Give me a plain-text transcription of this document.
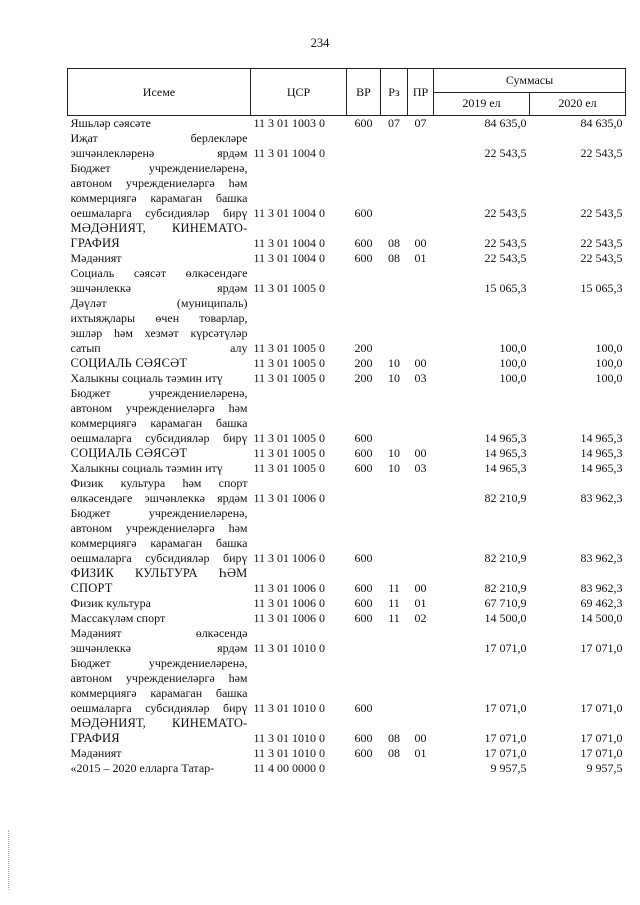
234
Исеме	ЦСР	ВР	Рз	ПР	Суммасы	
					2019 ел	2020 ел

Яшьләр сәясәте	11 3 01 1003 0	600	07	07	84 635,0	84 635,0

Иҗат берлекләре
эшчәнлекләренә ярдәм	11 3 01 1004 0				22 543,5	22 543,5

Бюджет учреждениеләренә,
автоном учреждениеләргә һәм
коммерциягә карамаган башка
оешмаларга субсидияләр бирү	11 3 01 1004 0	600			22 543,5	22 543,5

МӘДӘНИЯТ, КИНЕМАТО-
ГРАФИЯ	11 3 01 1004 0	600	08	00	22 543,5	22 543,5

Мәдәният	11 3 01 1004 0	600	08	01	22 543,5	22 543,5

Социаль сәясәт өлкәсендәге
эшчәнлеккә ярдәм	11 3 01 1005 0				15 065,3	15 065,3

Дәүләт (муниципаль)
ихтыяҗлары өчен товарлар,
эшләр һәм хезмәт күрсәтүләр
сатып алу	11 3 01 1005 0	200			100,0	100,0

СОЦИАЛЬ СӘЯСӘТ	11 3 01 1005 0	200	10	00	100,0	100,0

Халыкны социаль тәэмин итү	11 3 01 1005 0	200	10	03	100,0	100,0

Бюджет учреждениеләренә,
автоном учреждениеләргә һәм
коммерциягә карамаган башка
оешмаларга субсидияләр бирү	11 3 01 1005 0	600			14 965,3	14 965,3

СОЦИАЛЬ СӘЯСӘТ	11 3 01 1005 0	600	10	00	14 965,3	14 965,3

Халыкны социаль тәэмин итү	11 3 01 1005 0	600	10	03	14 965,3	14 965,3

Физик культура һәм спорт
өлкәсендәге эшчәнлеккә ярдәм	11 3 01 1006 0				82 210,9	83 962,3

Бюджет учреждениеләренә,
автоном учреждениеләргә һәм
коммерциягә карамаган башка
оешмаларга субсидияләр бирү	11 3 01 1006 0	600			82 210,9	83 962,3

ФИЗИК КУЛЬТУРА ҺӘМ
СПОРТ	11 3 01 1006 0	600	11	00	82 210,9	83 962,3

Физик культура	11 3 01 1006 0	600	11	01	67 710,9	69 462,3

Массакүләм спорт	11 3 01 1006 0	600	11	02	14 500,0	14 500,0

Мәдәният өлкәсендә
эшчәнлеккә ярдәм	11 3 01 1010 0				17 071,0	17 071,0

Бюджет учреждениеләренә,
автоном учреждениеләргә һәм
коммерциягә карамаган башка
оешмаларга субсидияләр бирү	11 3 01 1010 0	600			17 071,0	17 071,0

МӘДӘНИЯТ, КИНЕМАТО-
ГРАФИЯ	11 3 01 1010 0	600	08	00	17 071,0	17 071,0

Мәдәният	11 3 01 1010 0	600	08	01	17 071,0	17 071,0

«2015 – 2020 елларга Татар-	11 4 00 0000 0				9 957,5	9 957,5
